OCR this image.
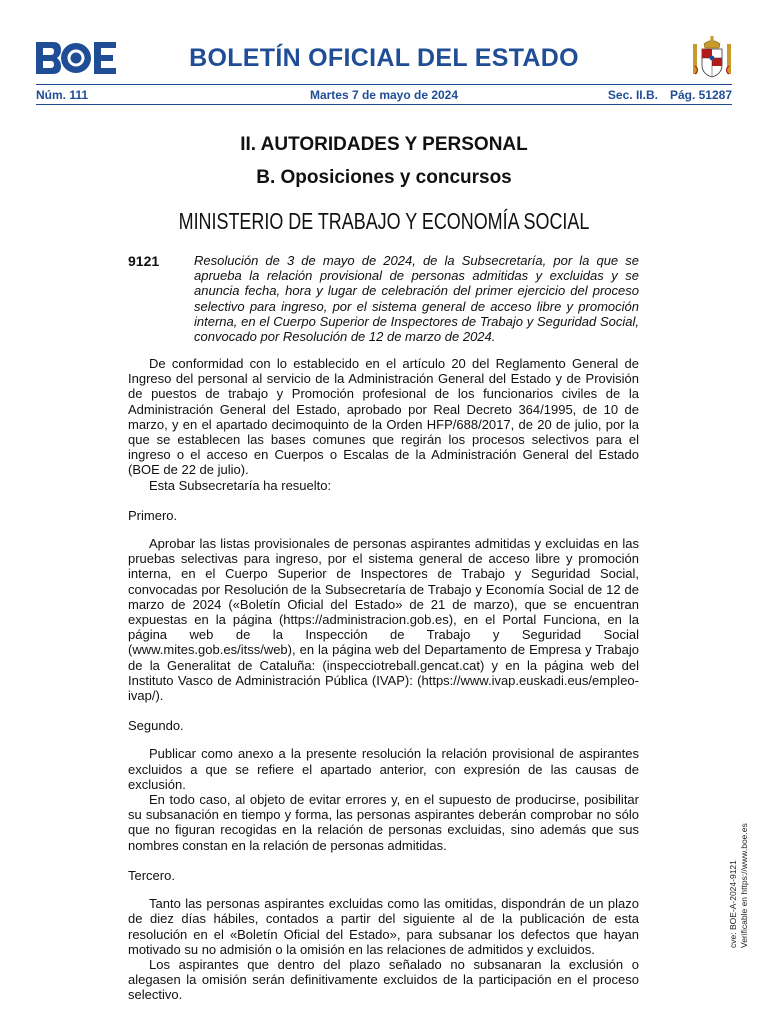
BOLETÍN OFICIAL DEL ESTADO
Núm. 111	Martes 7 de mayo de 2024	Sec. II.B. Pág. 51287
II. AUTORIDADES Y PERSONAL
B. Oposiciones y concursos
MINISTERIO DE TRABAJO Y ECONOMÍA SOCIAL
9121	Resolución de 3 de mayo de 2024, de la Subsecretaría, por la que se aprueba la relación provisional de personas admitidas y excluidas y se anuncia fecha, hora y lugar de celebración del primer ejercicio del proceso selectivo para ingreso, por el sistema general de acceso libre y promoción interna, en el Cuerpo Superior de Inspectores de Trabajo y Seguridad Social, convocado por Resolución de 12 de marzo de 2024.

De conformidad con lo establecido en el artículo 20 del Reglamento General de Ingreso del personal al servicio de la Administración General del Estado y de Provisión de puestos de trabajo y Promoción profesional de los funcionarios civiles de la Administración General del Estado, aprobado por Real Decreto 364/1995, de 10 de marzo, y en el apartado decimoquinto de la Orden HFP/688/2017, de 20 de julio, por la que se establecen las bases comunes que regirán los procesos selectivos para el ingreso o el acceso en Cuerpos o Escalas de la Administración General del Estado (BOE de 22 de julio).

Esta Subsecretaría ha resuelto:

Primero.

Aprobar las listas provisionales de personas aspirantes admitidas y excluidas en las pruebas selectivas para ingreso, por el sistema general de acceso libre y promoción interna, en el Cuerpo Superior de Inspectores de Trabajo y Seguridad Social, convocadas por Resolución de la Subsecretaría de Trabajo y Economía Social de 12 de marzo de 2024 («Boletín Oficial del Estado» de 21 de marzo), que se encuentran expuestas en la página (https://administracion.gob.es), en el Portal Funciona, en la página web de la Inspección de Trabajo y Seguridad Social (www.mites.gob.es/itss/web), en la página web del Departamento de Empresa y Trabajo de la Generalitat de Cataluña: (inspecciotreball.gencat.cat) y en la página web del Instituto Vasco de Administración Pública (IVAP): (https://www.ivap.euskadi.eus/empleo-ivap/).

Segundo.

Publicar como anexo a la presente resolución la relación provisional de aspirantes excluidos a que se refiere el apartado anterior, con expresión de las causas de exclusión.

En todo caso, al objeto de evitar errores y, en el supuesto de producirse, posibilitar su subsanación en tiempo y forma, las personas aspirantes deberán comprobar no sólo que no figuran recogidas en la relación de personas excluidas, sino además que sus nombres constan en la relación de personas admitidas.

Tercero.

Tanto las personas aspirantes excluidas como las omitidas, dispondrán de un plazo de diez días hábiles, contados a partir del siguiente al de la publicación de esta resolución en el «Boletín Oficial del Estado», para subsanar los defectos que hayan motivado su no admisión o la omisión en las relaciones de admitidos y excluidos.

Los aspirantes que dentro del plazo señalado no subsanaran la exclusión o alegasen la omisión serán definitivamente excluidos de la participación en el proceso selectivo.

cve: BOE-A-2024-9121 Verificable en https://www.boe.es
